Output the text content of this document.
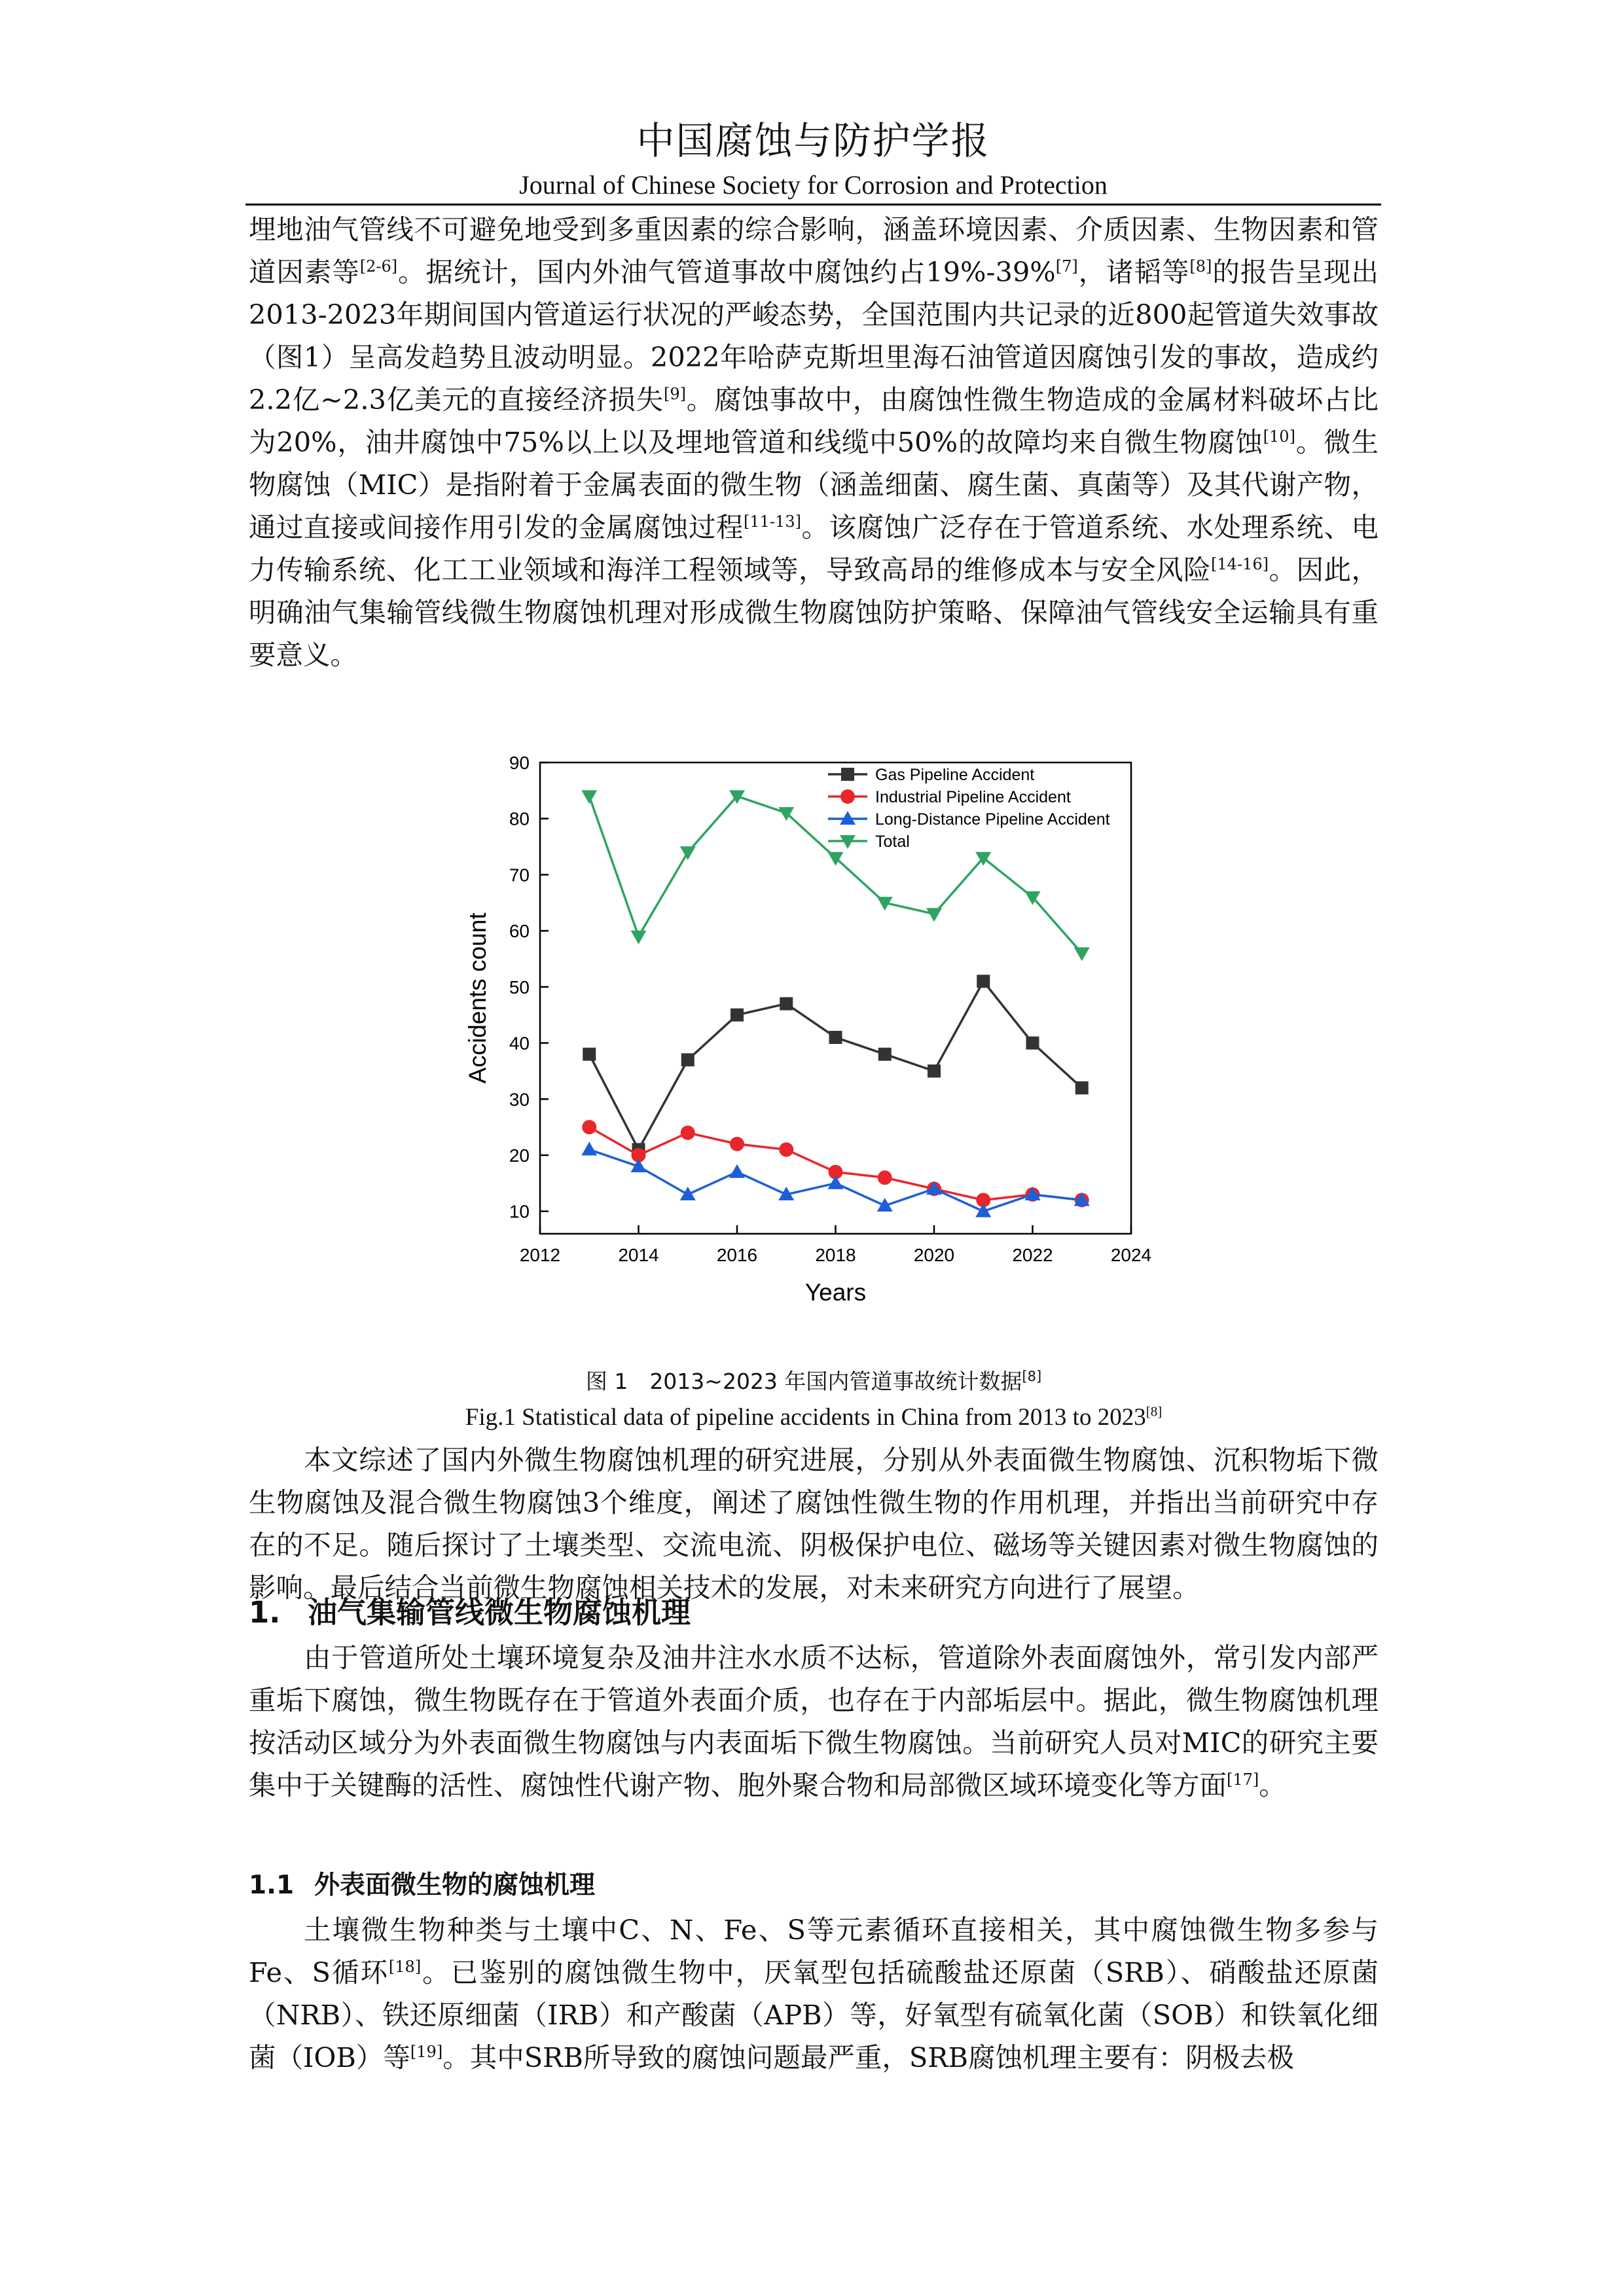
中国腐蚀与防护学报
Journal of Chinese Society for Corrosion and Protection

埋地油气管线不可避免地受到多重因素的综合影响，涵盖环境因素、介质因素、生物因素和管道因素等[2-6]。据统计，国内外油气管道事故中腐蚀约占19%-39%[7]，诸韬等[8]的报告呈现出2013-2023年期间国内管道运行状况的严峻态势，全国范围内共记录的近800起管道失效事故（图1）呈高发趋势且波动明显。2022年哈萨克斯坦里海石油管道因腐蚀引发的事故，造成约2.2亿~2.3亿美元的直接经济损失[9]。腐蚀事故中，由腐蚀性微生物造成的金属材料破坏占比为20%，油井腐蚀中75%以上以及埋地管道和线缆中50%的故障均来自微生物腐蚀[10]。微生物腐蚀（MIC）是指附着于金属表面的微生物（涵盖细菌、腐生菌、真菌等）及其代谢产物，通过直接或间接作用引发的金属腐蚀过程[11-13]。该腐蚀广泛存在于管道系统、水处理系统、电力传输系统、化工工业领域和海洋工程领域等，导致高昂的维修成本与安全风险[14-16]。因此，明确油气集输管线微生物腐蚀机理对形成微生物腐蚀防护策略、保障油气管线安全运输具有重要意义。

2012	2014	2016	2018	2020	2022	2024
10
20
30
40
50
60
70
80
90
Years
Accidents count
Gas Pipeline Accident
Industrial Pipeline Accident
Long-Distance Pipeline Accident
Total
图 1　2013~2023 年国内管道事故统计数据[8]
Fig.1 Statistical data of pipeline accidents in China from 2013 to 2023[8]

本文综述了国内外微生物腐蚀机理的研究进展，分别从外表面微生物腐蚀、沉积物垢下微生物腐蚀及混合微生物腐蚀3个维度，阐述了腐蚀性微生物的作用机理，并指出当前研究中存在的不足。随后探讨了土壤类型、交流电流、阴极保护电位、磁场等关键因素对微生物腐蚀的影响。最后结合当前微生物腐蚀相关技术的发展，对未来研究方向进行了展望。

1. 油气集输管线微生物腐蚀机理

由于管道所处土壤环境复杂及油井注水水质不达标，管道除外表面腐蚀外，常引发内部严重垢下腐蚀，微生物既存在于管道外表面介质，也存在于内部垢层中。据此，微生物腐蚀机理按活动区域分为外表面微生物腐蚀与内表面垢下微生物腐蚀。当前研究人员对MIC的研究主要集中于关键酶的活性、腐蚀性代谢产物、胞外聚合物和局部微区域环境变化等方面[17]。

1.1 外表面微生物的腐蚀机理

土壤微生物种类与土壤中C、N、Fe、S等元素循环直接相关，其中腐蚀微生物多参与Fe、S循环[18]。已鉴别的腐蚀微生物中，厌氧型包括硫酸盐还原菌（SRB）、硝酸盐还原菌（NRB）、铁还原细菌（IRB）和产酸菌（APB）等，好氧型有硫氧化菌（SOB）和铁氧化细菌（IOB）等[19]。其中SRB所导致的腐蚀问题最严重，SRB腐蚀机理主要有：阴极去极
